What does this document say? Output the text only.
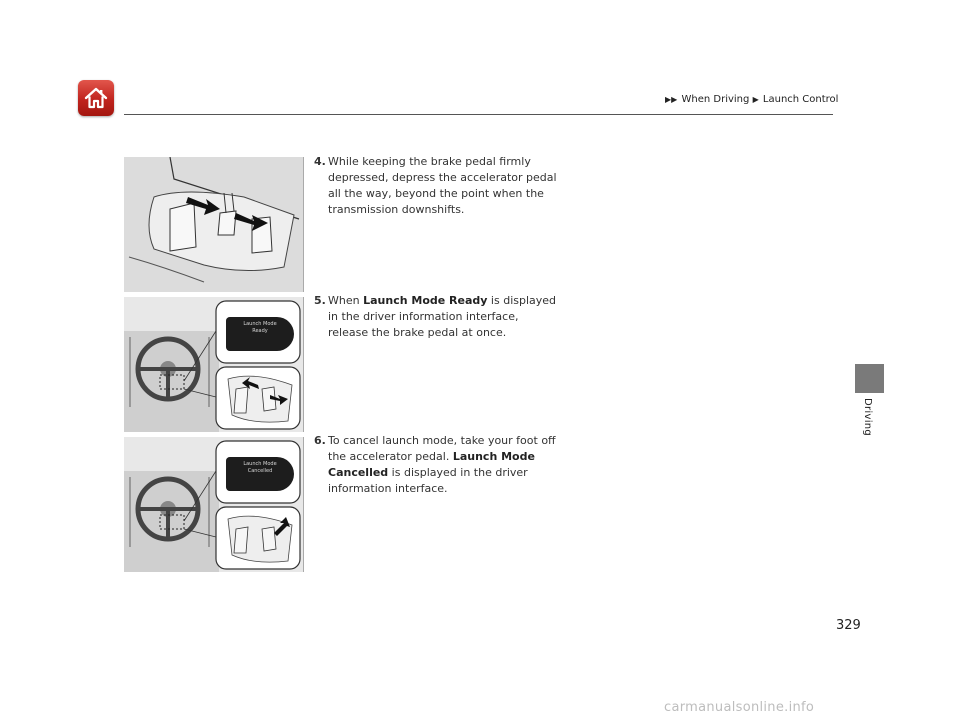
▶▶ When Driving ▶ Launch Control
Driving
Launch Mode
Ready
Launch Mode
Cancelled
4. While keeping the brake pedal firmly depressed, depress the accelerator pedal all the way, beyond the point when the transmission downshifts.
5. When Launch Mode Ready is displayed in the driver information interface, release the brake pedal at once.
6. To cancel launch mode, take your foot off the accelerator pedal. Launch Mode Cancelled is displayed in the driver information interface.
329
carmanualsonline.info
